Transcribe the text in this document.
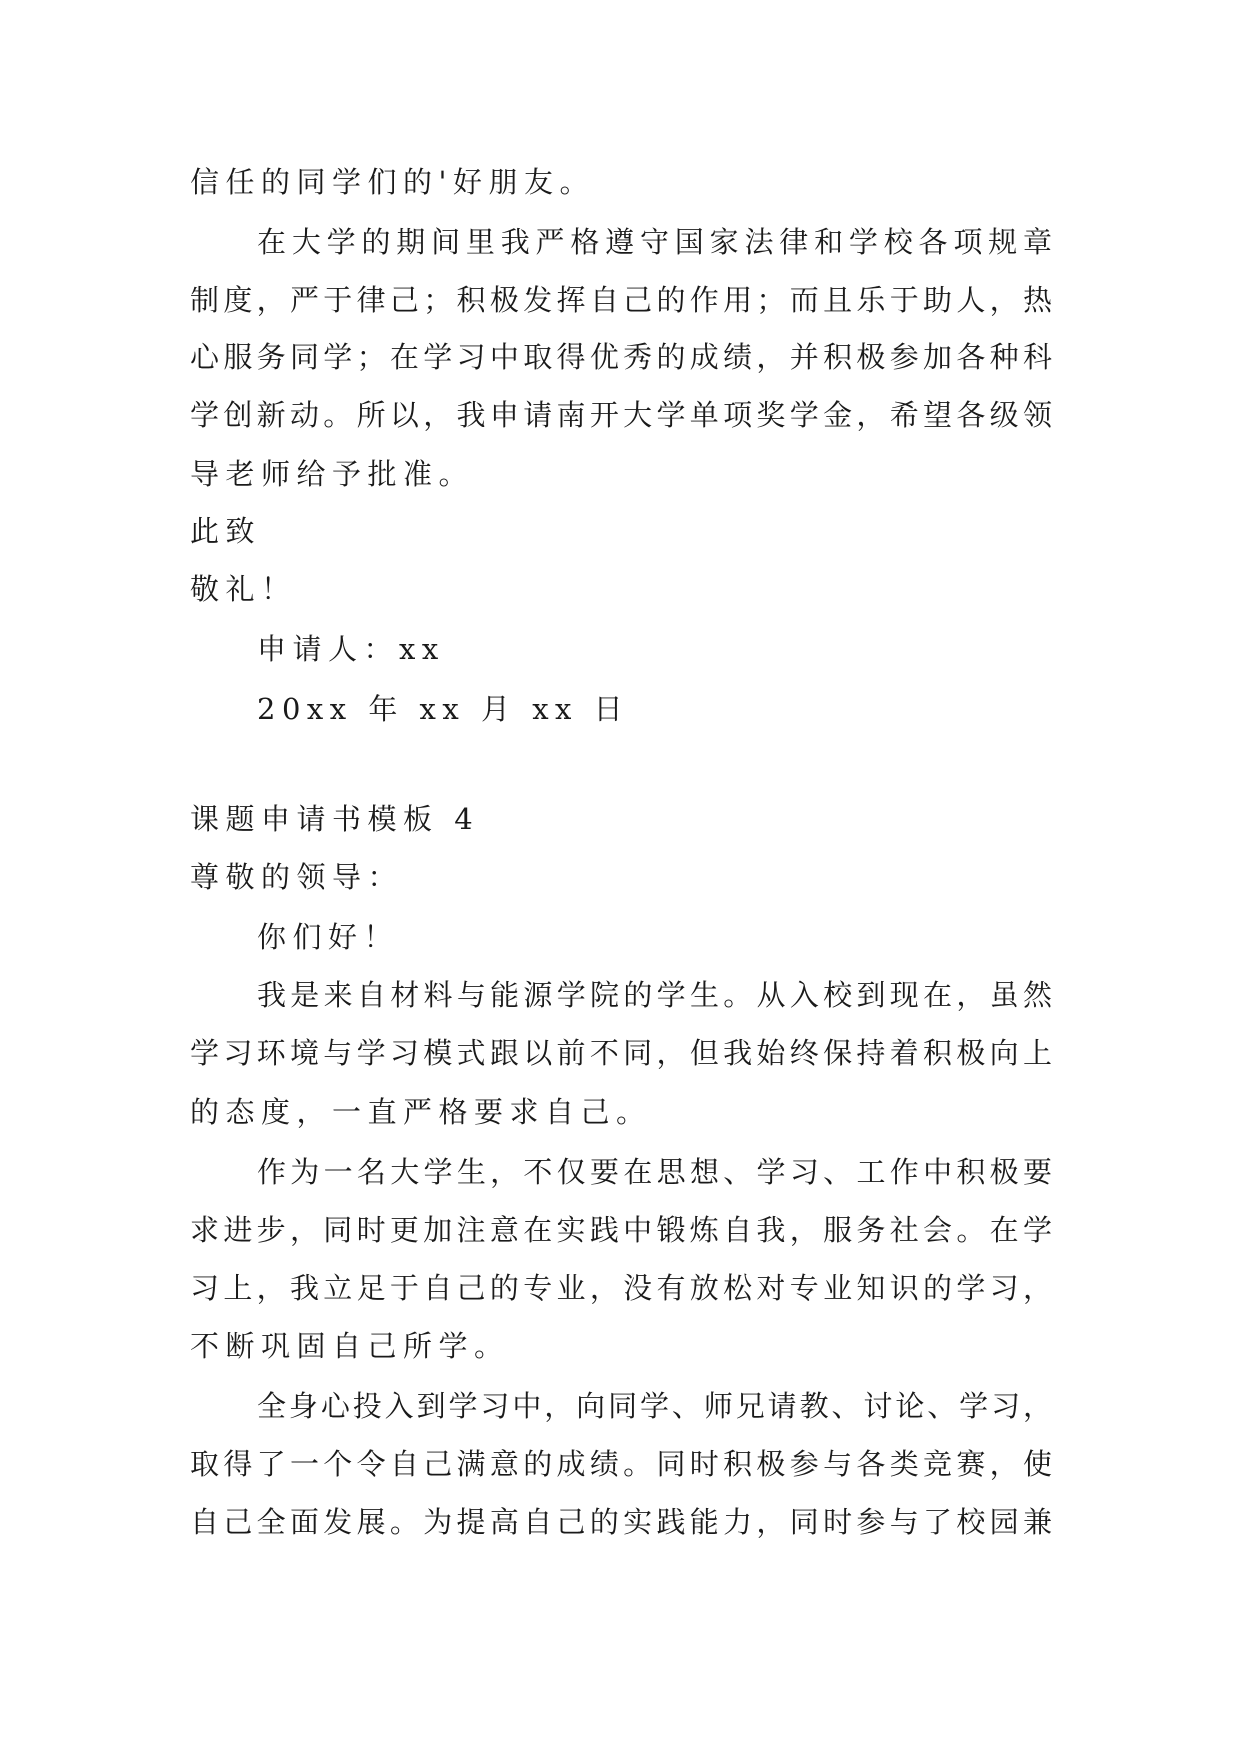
信任的同学们的'好朋友。
在大学的期间里我严格遵守国家法律和学校各项规章
制度，严于律己；积极发挥自己的作用；而且乐于助人，热
心服务同学；在学习中取得优秀的成绩，并积极参加各种科
学创新动。所以，我申请南开大学单项奖学金，希望各级领
导老师给予批准。
此致
敬礼！
申请人：xx
20xx 年 xx 月 xx 日
课题申请书模板 4
尊敬的领导：
你们好！
我是来自材料与能源学院的学生。从入校到现在，虽然
学习环境与学习模式跟以前不同，但我始终保持着积极向上
的态度，一直严格要求自己。
作为一名大学生，不仅要在思想、学习、工作中积极要
求进步，同时更加注意在实践中锻炼自我，服务社会。在学
习上，我立足于自己的专业，没有放松对专业知识的学习，
不断巩固自己所学。
全身心投入到学习中，向同学、师兄请教、讨论、学习，
取得了一个令自己满意的成绩。同时积极参与各类竞赛，使
自己全面发展。为提高自己的实践能力，同时参与了校园兼
